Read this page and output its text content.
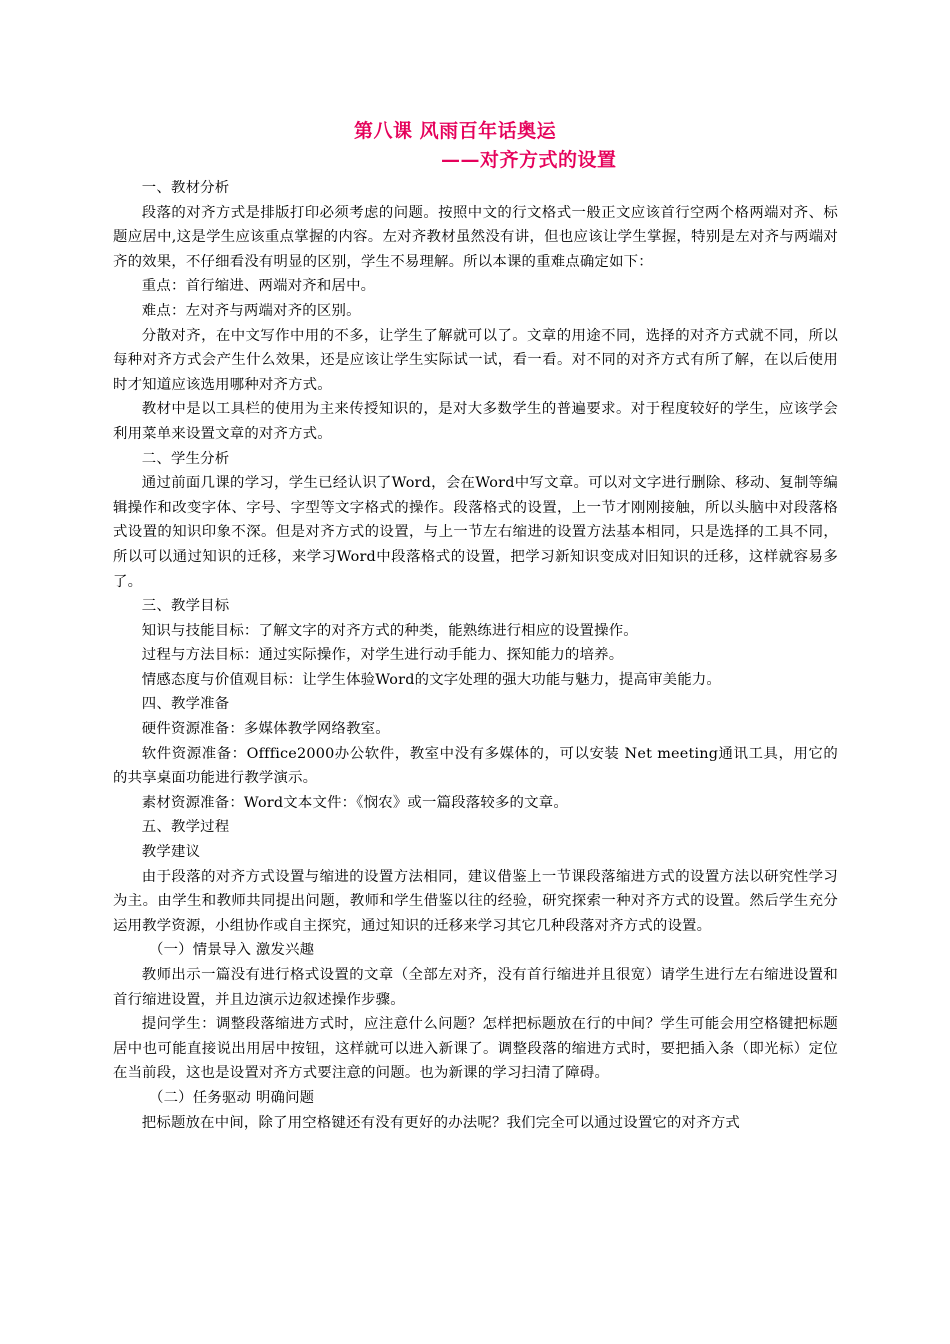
第八课 风雨百年话奥运
——对齐方式的设置

一、教材分析

段落的对齐方式是排版打印必须考虑的问题。按照中文的行文格式一般正文应该首行空两个格两端对齐、标题应居中,这是学生应该重点掌握的内容。左对齐教材虽然没有讲，但也应该让学生掌握，特别是左对齐与两端对齐的效果，不仔细看没有明显的区别，学生不易理解。所以本课的重难点确定如下：

重点：首行缩进、两端对齐和居中。

难点：左对齐与两端对齐的区别。

分散对齐，在中文写作中用的不多，让学生了解就可以了。文章的用途不同，选择的对齐方式就不同，所以每种对齐方式会产生什么效果，还是应该让学生实际试一试，看一看。对不同的对齐方式有所了解，在以后使用时才知道应该选用哪种对齐方式。

教材中是以工具栏的使用为主来传授知识的，是对大多数学生的普遍要求。对于程度较好的学生，应该学会利用菜单来设置文章的对齐方式。

二、学生分析

通过前面几课的学习，学生已经认识了Word，会在Word中写文章。可以对文字进行删除、移动、复制等编辑操作和改变字体、字号、字型等文字格式的操作。段落格式的设置，上一节才刚刚接触，所以头脑中对段落格式设置的知识印象不深。但是对齐方式的设置，与上一节左右缩进的设置方法基本相同，只是选择的工具不同，所以可以通过知识的迁移，来学习Word中段落格式的设置，把学习新知识变成对旧知识的迁移，这样就容易多了。

三、教学目标

知识与技能目标：了解文字的对齐方式的种类，能熟练进行相应的设置操作。

过程与方法目标：通过实际操作，对学生进行动手能力、探知能力的培养。

情感态度与价值观目标：让学生体验Word的文字处理的强大功能与魅力，提高审美能力。

四、教学准备

硬件资源准备：多媒体教学网络教室。

软件资源准备：Offfice2000办公软件，教室中没有多媒体的，可以安装 Net meeting通讯工具，用它的的共享桌面功能进行教学演示。

素材资源准备：Word文本文件：《悯农》或一篇段落较多的文章。

五、教学过程

教学建议

由于段落的对齐方式设置与缩进的设置方法相同，建议借鉴上一节课段落缩进方式的设置方法以研究性学习为主。由学生和教师共同提出问题，教师和学生借鉴以往的经验，研究探索一种对齐方式的设置。然后学生充分运用教学资源，小组协作或自主探究，通过知识的迁移来学习其它几种段落对齐方式的设置。

（一）情景导入 激发兴趣

教师出示一篇没有进行格式设置的文章（全部左对齐，没有首行缩进并且很宽）请学生进行左右缩进设置和首行缩进设置，并且边演示边叙述操作步骤。

提问学生：调整段落缩进方式时，应注意什么问题？怎样把标题放在行的中间？学生可能会用空格键把标题居中也可能直接说出用居中按钮，这样就可以进入新课了。调整段落的缩进方式时，要把插入条（即光标）定位在当前段，这也是设置对齐方式要注意的问题。也为新课的学习扫清了障碍。

（二）任务驱动 明确问题

把标题放在中间，除了用空格键还有没有更好的办法呢？我们完全可以通过设置它的对齐方式
